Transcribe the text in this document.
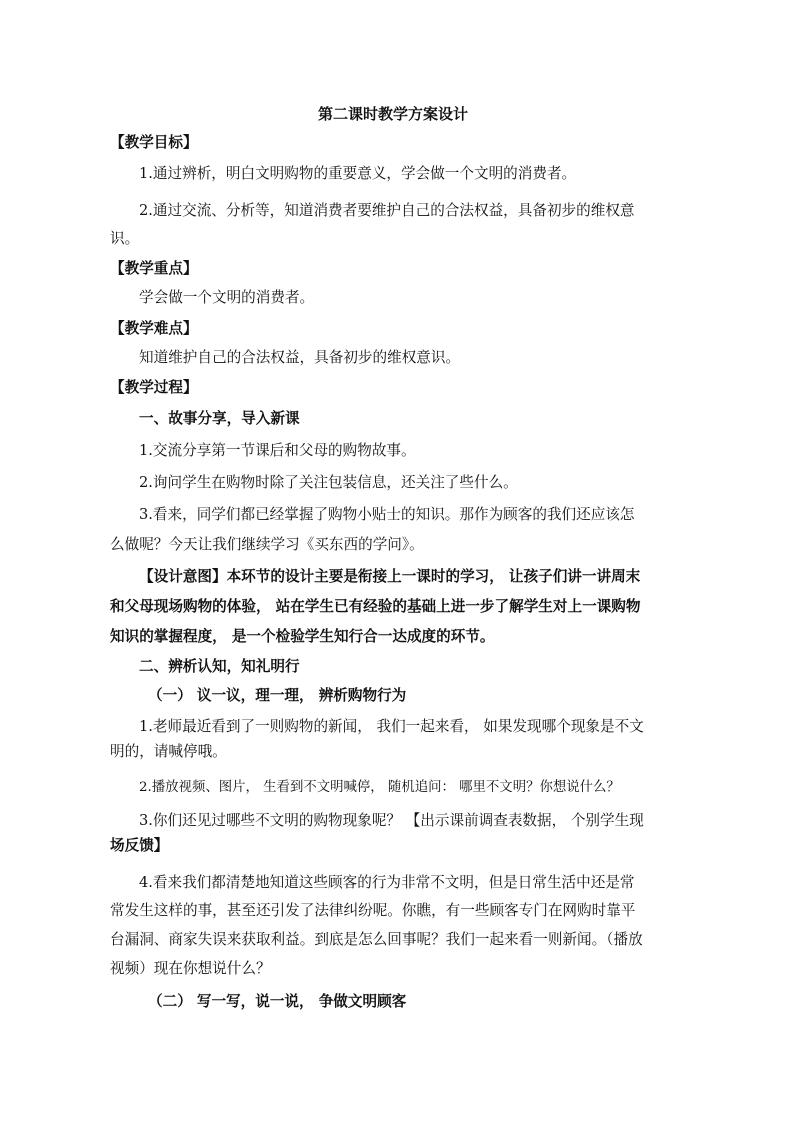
第二课时教学方案设计
【教学目标】
1.通过辨析，明白文明购物的重要意义，学会做一个文明的消费者。
2.通过交流、分析等，知道消费者要维护自己的合法权益，具备初步的维权意
识。
【教学重点】
学会做一个文明的消费者。
【教学难点】
知道维护自己的合法权益，具备初步的维权意识。
【教学过程】
一、故事分享，导入新课
1.交流分享第一节课后和父母的购物故事。
2.询问学生在购物时除了关注包装信息，还关注了些什么。
3.看来，同学们都已经掌握了购物小贴士的知识。那作为顾客的我们还应该怎
么做呢？今天让我们继续学习《买东西的学问》。
【设计意图】本环节的设计主要是衔接上一课时的学习， 让孩子们讲一讲周末
和父母现场购物的体验， 站在学生已有经验的基础上进一步了解学生对上一课购物
知识的掌握程度， 是一个检验学生知行合一达成度的环节。
二、辨析认知，知礼明行
（一） 议一议，理一理， 辨析购物行为
1.老师最近看到了一则购物的新闻， 我们一起来看， 如果发现哪个现象是不文
明的，请喊停哦。
2.播放视频、图片， 生看到不文明喊停， 随机追问： 哪里不文明？你想说什么？
3.你们还见过哪些不文明的购物现象呢？ 【出示课前调查表数据， 个别学生现
场反馈】
4.看来我们都清楚地知道这些顾客的行为非常不文明，但是日常生活中还是常
常发生这样的事，甚至还引发了法律纠纷呢。你瞧，有一些顾客专门在网购时靠平
台漏洞、商家失误来获取利益。到底是怎么回事呢？我们一起来看一则新闻。（播放
视频）现在你想说什么？
（二） 写一写，说一说， 争做文明顾客
